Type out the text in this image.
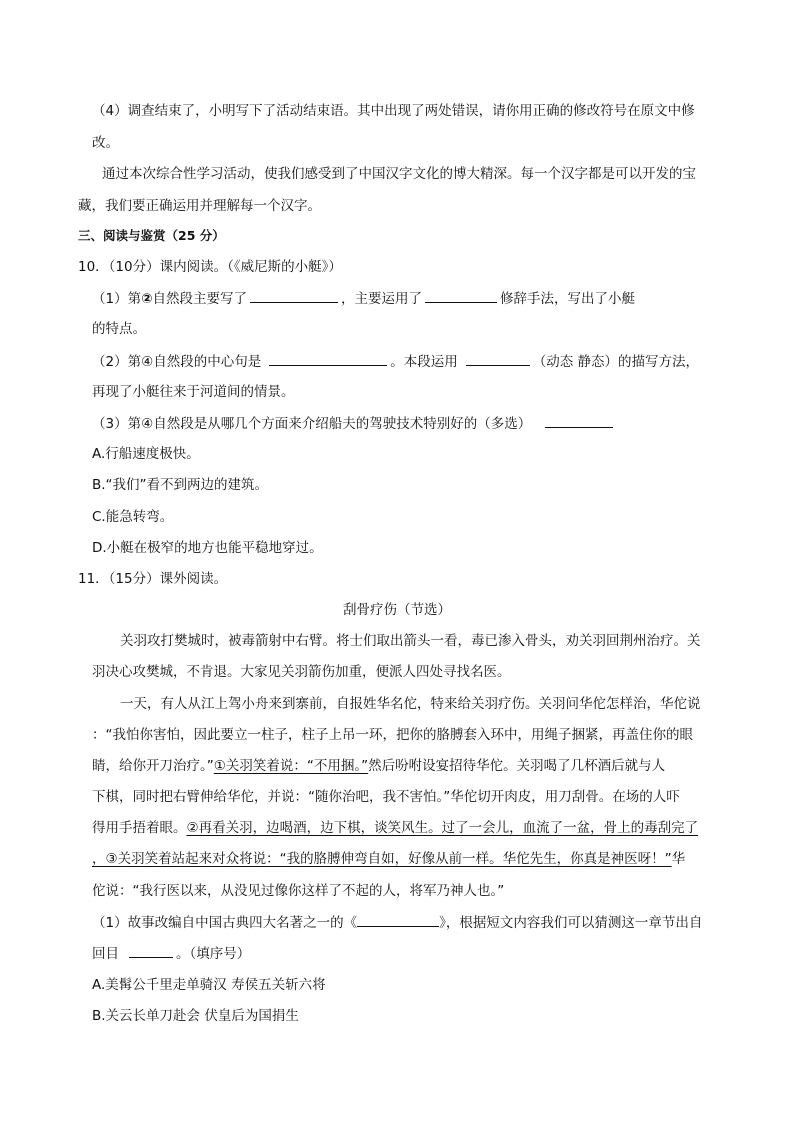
（4）调查结束了，小明写下了活动结束语。其中出现了两处错误，请你用正确的修改符号在原文中修
改。
通过本次综合性学习活动，使我们感受到了中国汉字文化的博大精深。每一个汉字都是可以开发的宝
藏，我们要正确运用并理解每一个汉字。
三、阅读与鉴赏（25 分）
10．（10分）课内阅读。（《威尼斯的小艇》）
（1）第②自然段主要写了	，主要运用了	修辞手法，写出了小艇
的特点。
（2）第④自然段的中心句是	。本段运用	（动态 静态）的描写方法，
再现了小艇往来于河道间的情景。
（3）第④自然段是从哪几个方面来介绍船夫的驾驶技术特别好的（多选）
A.行船速度极快。
B.“我们”看不到两边的建筑。
C.能急转弯。
D.小艇在极窄的地方也能平稳地穿过。
11．（15分）课外阅读。
刮骨疗伤（节选）
关羽攻打樊城时，被毒箭射中右臂。将士们取出箭头一看，毒已渗入骨头，劝关羽回荆州治疗。关
羽决心攻樊城，不肯退。大家见关羽箭伤加重，便派人四处寻找名医。
一天，有人从江上驾小舟来到寨前，自报姓华名佗，特来给关羽疗伤。关羽问华佗怎样治，华佗说
：“我怕你害怕，因此要立一柱子，柱子上吊一环，把你的胳膊套入环中，用绳子捆紧，再盖住你的眼
睛，给你开刀治疗。”①关羽笑着说：“不用捆。”然后吩咐设宴招待华佗。关羽喝了几杯酒后就与人
下棋，同时把右臂伸给华佗，并说：“随你治吧，我不害怕。”华佗切开肉皮，用刀刮骨。在场的人吓
得用手捂着眼。②再看关羽，边喝酒，边下棋，谈笑风生。过了一会儿，血流了一盆，骨上的毒刮完了
，③关羽笑着站起来对众将说：“我的胳膊伸弯自如，好像从前一样。华佗先生，你真是神医呀！”华
佗说：“我行医以来，从没见过像你这样了不起的人，将军乃神人也。”
（1）故事改编自中国古典四大名著之一的《	》，根据短文内容我们可以猜测这一章节出自
回目	。（填序号）
A.美髯公千里走单骑汉 寿侯五关斩六将
B.关云长单刀赴会 伏皇后为国捐生
